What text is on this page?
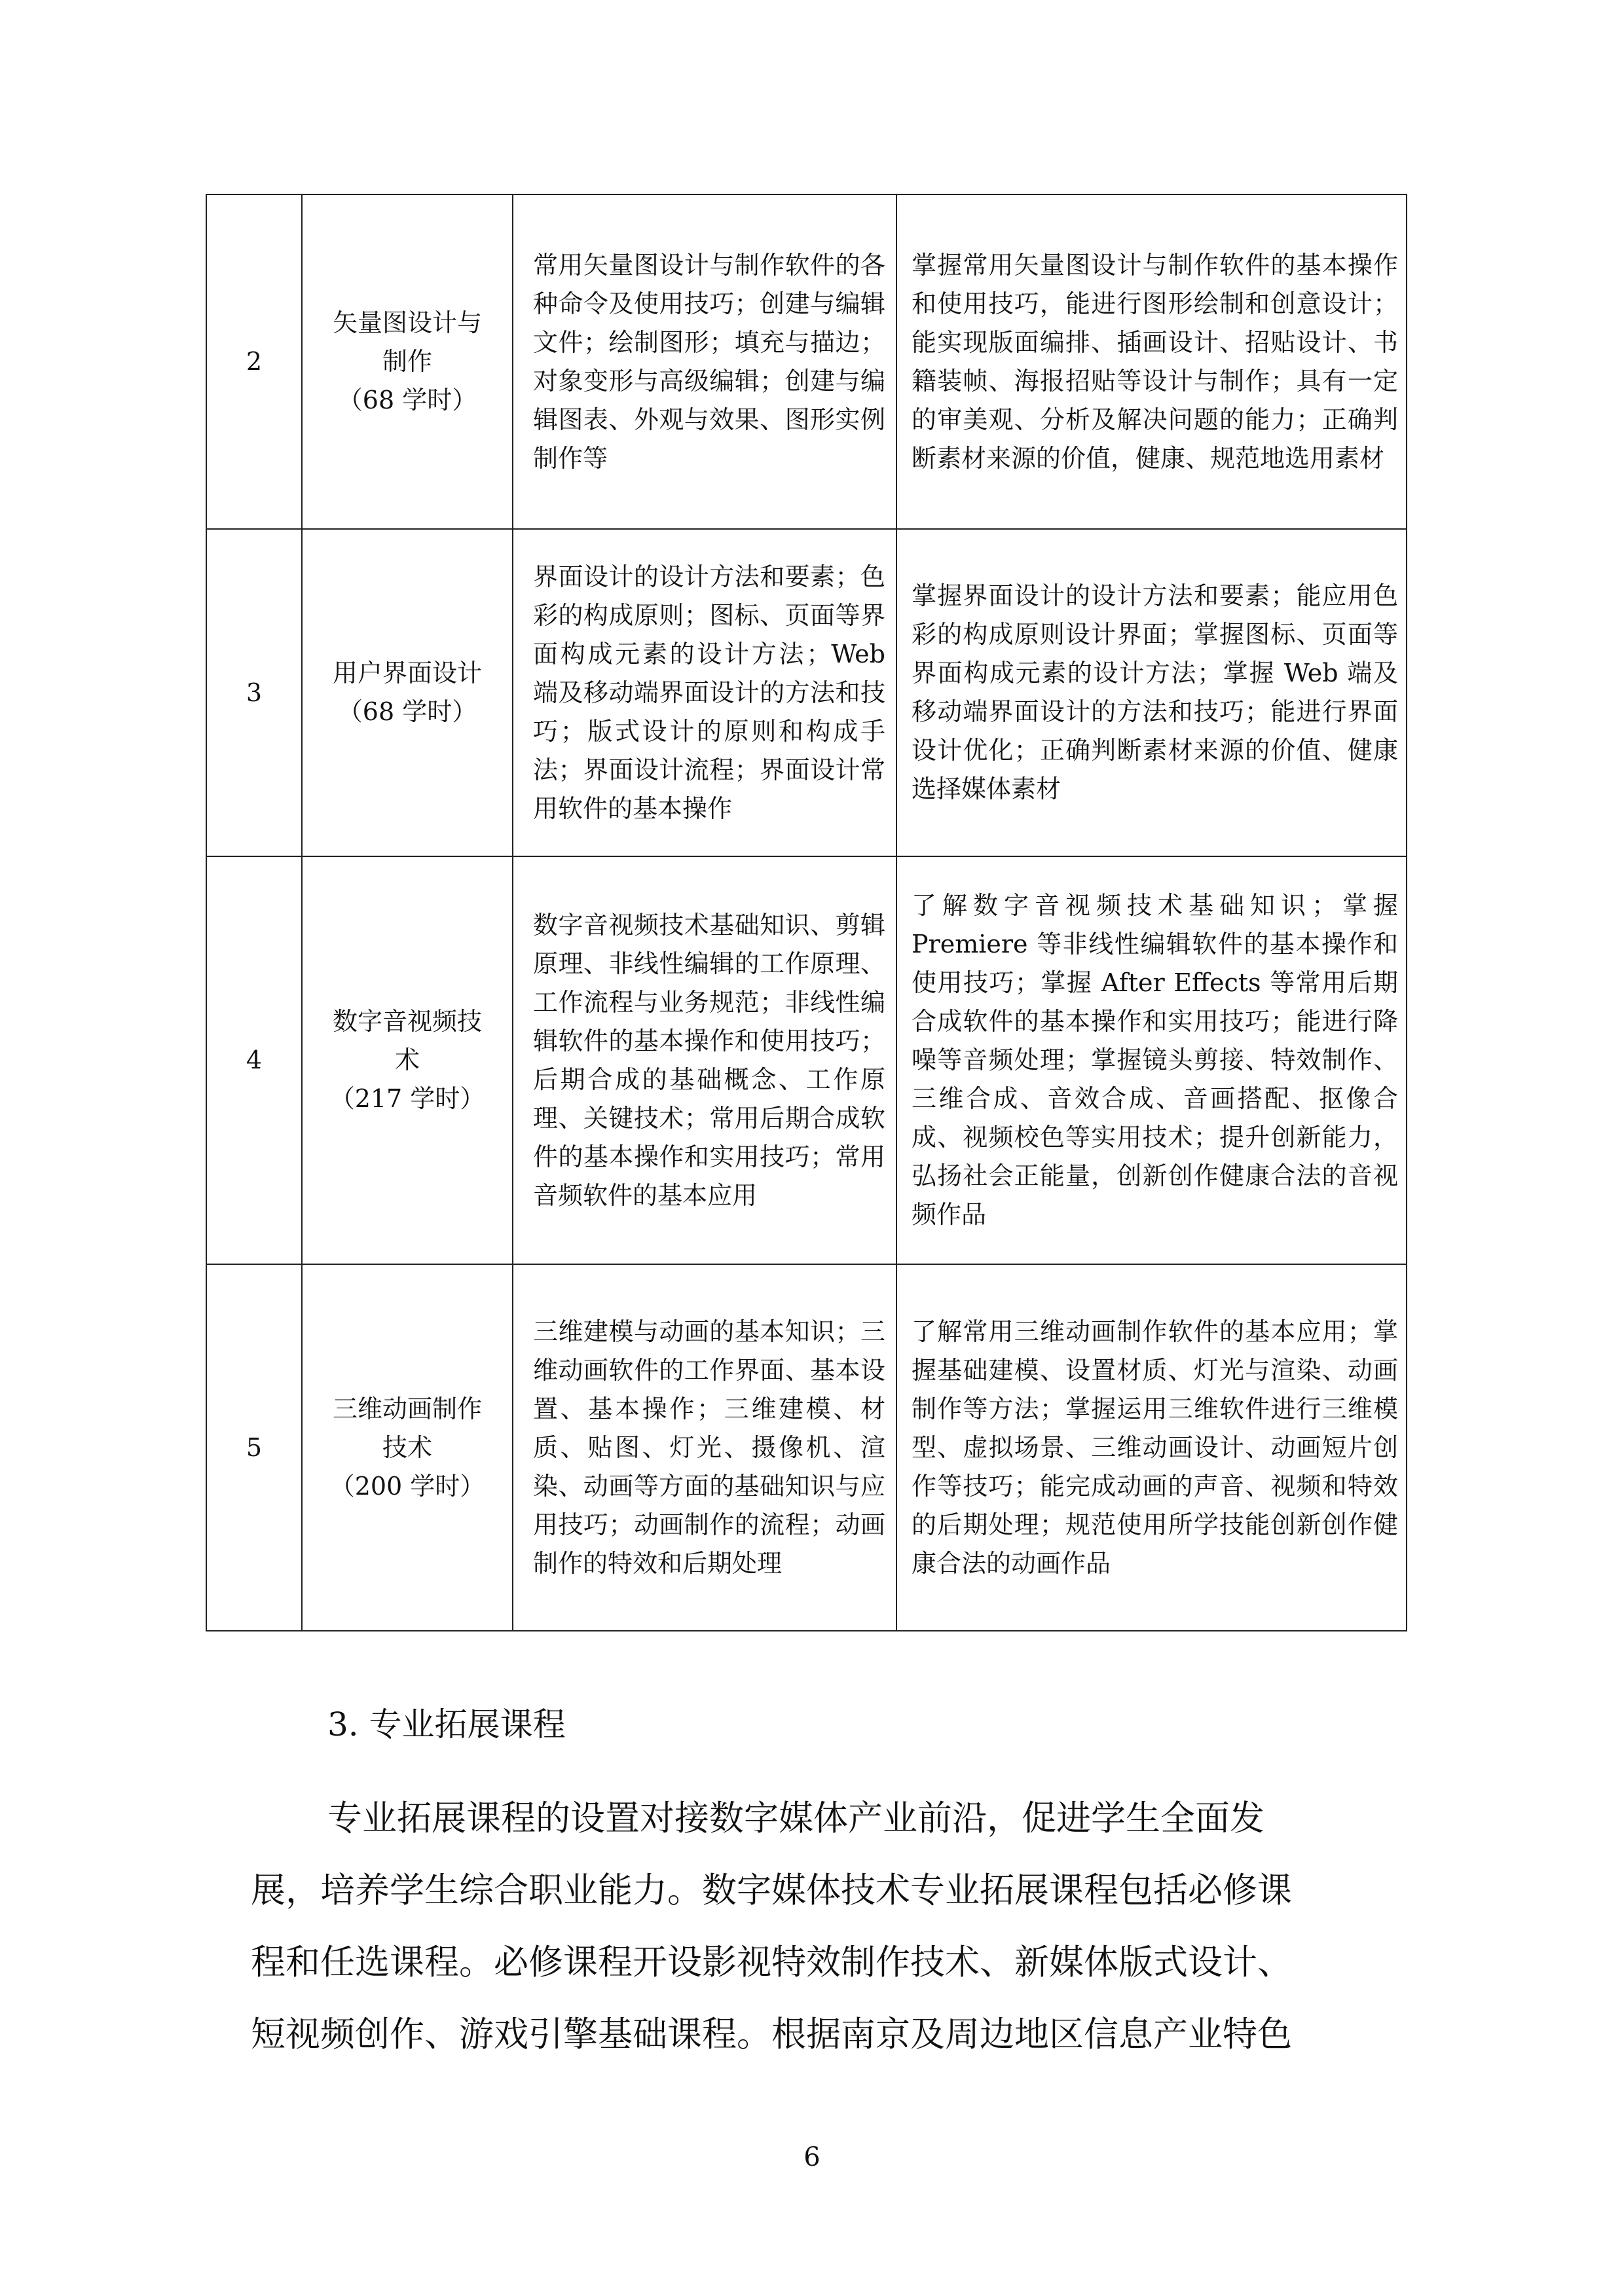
2	矢量图设计与
制作
（68 学时）	常用矢量图设计与制作软件的各种命令及使用技巧；创建与编辑文件；绘制图形；填充与描边；对象变形与高级编辑；创建与编辑图表、外观与效果、图形实例制作等	掌握常用矢量图设计与制作软件的基本操作和使用技巧，能进行图形绘制和创意设计；能实现版面编排、插画设计、招贴设计、书籍装帧、海报招贴等设计与制作；具有一定的审美观、分析及解决问题的能力；正确判断素材来源的价值，健康、规范地选用素材
3	用户界面设计
（68 学时）	界面设计的设计方法和要素；色彩的构成原则；图标、页面等界面构成元素的设计方法；Web 端及移动端界面设计的方法和技巧；版式设计的原则和构成手法；界面设计流程；界面设计常用软件的基本操作	掌握界面设计的设计方法和要素；能应用色彩的构成原则设计界面；掌握图标、页面等界面构成元素的设计方法；掌握 Web 端及移动端界面设计的方法和技巧；能进行界面设计优化；正确判断素材来源的价值、健康选择媒体素材
4	数字音视频技
术
（217 学时）	数字音视频技术基础知识、剪辑原理、非线性编辑的工作原理、工作流程与业务规范；非线性编辑软件的基本操作和使用技巧；后期合成的基础概念、工作原理、关键技术；常用后期合成软件的基本操作和实用技巧；常用音频软件的基本应用	了解数字音视频技术基础知识；掌握 Premiere 等非线性编辑软件的基本操作和使用技巧；掌握 After Effects 等常用后期合成软件的基本操作和实用技巧；能进行降噪等音频处理；掌握镜头剪接、特效制作、三维合成、音效合成、音画搭配、抠像合成、视频校色等实用技术；提升创新能力，弘扬社会正能量，创新创作健康合法的音视频作品
5	三维动画制作
技术
（200 学时）	三维建模与动画的基本知识；三维动画软件的工作界面、基本设置、基本操作；三维建模、材质、贴图、灯光、摄像机、渲染、动画等方面的基础知识与应用技巧；动画制作的流程；动画制作的特效和后期处理	了解常用三维动画制作软件的基本应用；掌握基础建模、设置材质、灯光与渲染、动画 制作等方法；掌握运用三维软件进行三维模型、虚拟场景、三维动画设计、动画短片创作等技巧；能完成动画的声音、视频和特效的后期处理；规范使用所学技能创新创作健康合法的动画作品
3. 专业拓展课程
专业拓展课程的设置对接数字媒体产业前沿，促进学生全面发
展，培养学生综合职业能力。数字媒体技术专业拓展课程包括必修课
程和任选课程。必修课程开设影视特效制作技术、新媒体版式设计、
短视频创作、游戏引擎基础课程。根据南京及周边地区信息产业特色
6
